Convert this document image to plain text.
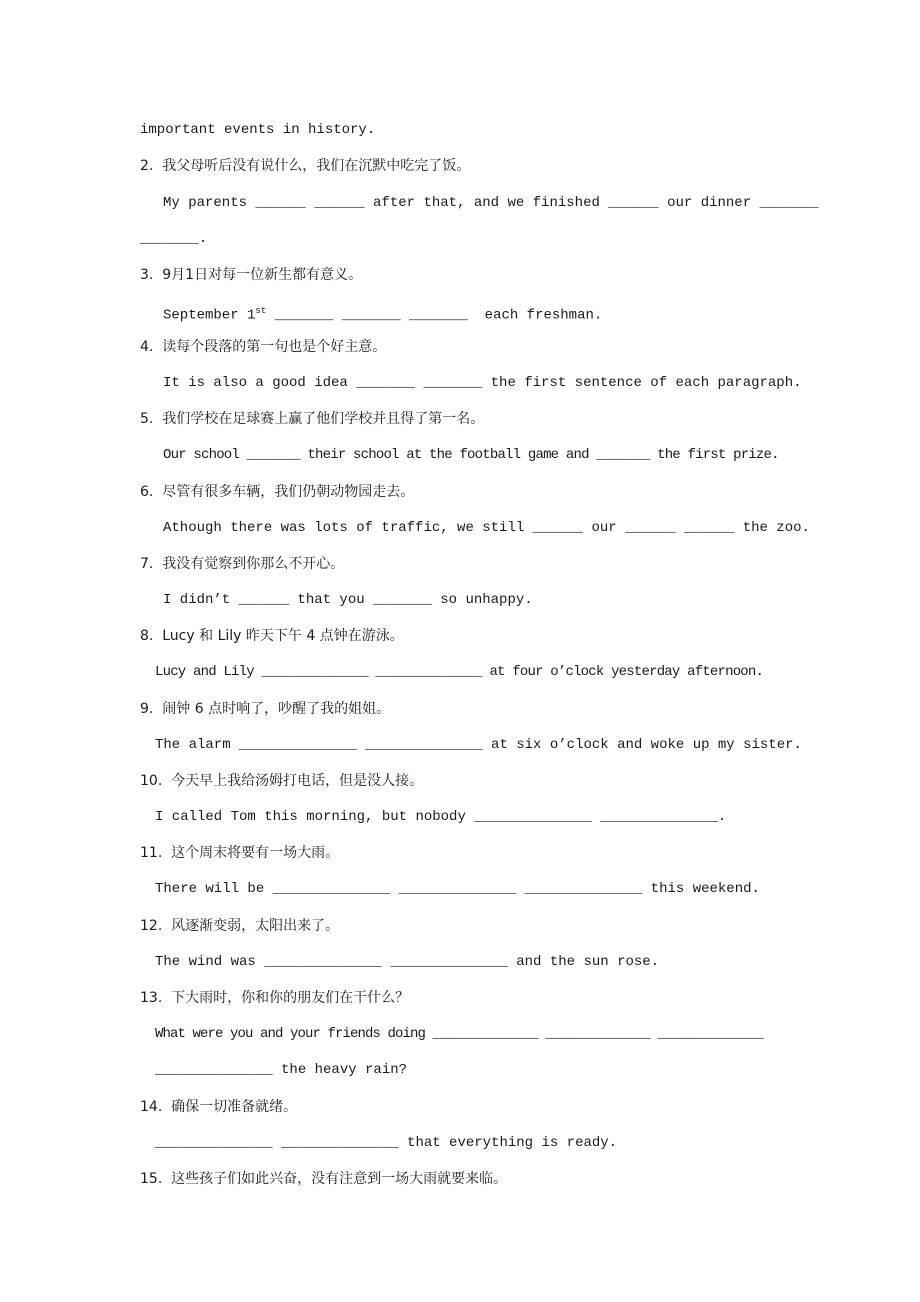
important events in history.
2.  我父母听后没有说什么，我们在沉默中吃完了饭。
My parents ______ ______ after that, and we finished ______ our dinner _______
_______.
3.  9月1日对每一位新生都有意义。
September 1st _______ _______ _______  each freshman.
4.  读每个段落的第一句也是个好主意。
It is also a good idea _______ _______ the first sentence of each paragraph.
5.  我们学校在足球赛上赢了他们学校并且得了第一名。
Our school _______ their school at the football game and _______ the first prize.
6.  尽管有很多车辆，我们仍朝动物园走去。
Athough there was lots of traffic, we still ______ our ______ ______ the zoo.
7.  我没有觉察到你那么不开心。
I didn’t ______ that you _______ so unhappy.
8.  Lucy 和 Lily 昨天下午 4 点钟在游泳。
Lucy and Lily ______________ ______________ at four o’clock yesterday afternoon.
9.  闹钟 6 点时响了，吵醒了我的姐姐。
The alarm ______________ ______________ at six o’clock and woke up my sister.
10.  今天早上我给汤姆打电话，但是没人接。
I called Tom this morning, but nobody ______________ ______________.
11.  这个周末将要有一场大雨。
There will be ______________ ______________ ______________ this weekend.
12.  风逐渐变弱，太阳出来了。
The wind was ______________ ______________ and the sun rose.
13.  下大雨时，你和你的朋友们在干什么？
What were you and your friends doing ______________ ______________ ______________
______________ the heavy rain?
14.  确保一切准备就绪。
______________ ______________ that everything is ready.
15.  这些孩子们如此兴奋，没有注意到一场大雨就要来临。
